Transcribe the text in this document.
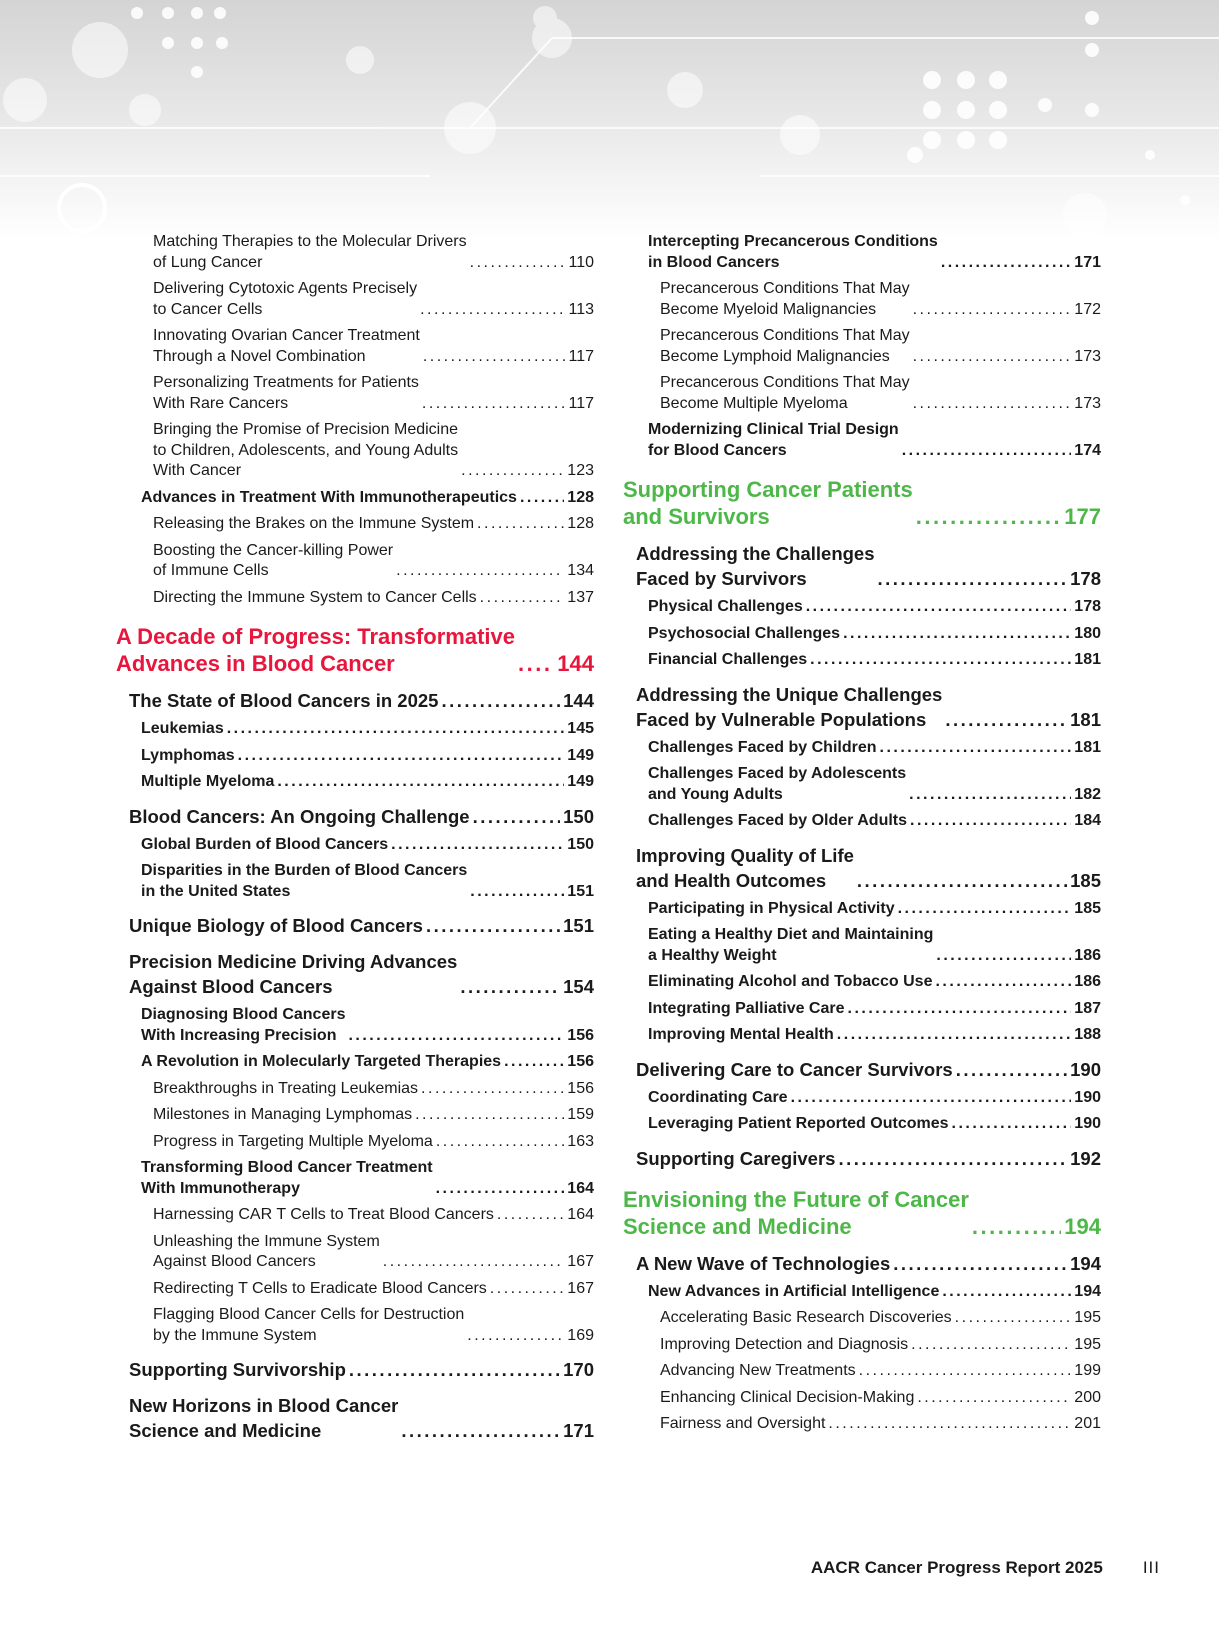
Matching Therapies to the Molecular Drivers
of Lung Cancer .....	110
Delivering Cytotoxic Agents Precisely
to Cancer Cells .....	113
Innovating Ovarian Cancer Treatment
Through a Novel Combination .....	117
Personalizing Treatments for Patients
With Rare Cancers .....	117
Bringing the Promise of Precision Medicine
to Children, Adolescents, and Young Adults
With Cancer .....	123
Advances in Treatment With Immunotherapeutics .....	128
Releasing the Brakes on the Immune System .....	128
Boosting the Cancer-killing Power
of Immune Cells .....	134
Directing the Immune System to Cancer Cells .....	137
A Decade of Progress: Transformative
Advances in Blood Cancer .....	144
The State of Blood Cancers in 2025 .....	144
Leukemias .....	145
Lymphomas .....	149
Multiple Myeloma .....	149
Blood Cancers: An Ongoing Challenge .....	150
Global Burden of Blood Cancers .....	150
Disparities in the Burden of Blood Cancers
in the United States .....	151
Unique Biology of Blood Cancers .....	151
Precision Medicine Driving Advances
Against Blood Cancers .....	154
Diagnosing Blood Cancers
With Increasing Precision .....	156
A Revolution in Molecularly Targeted Therapies .....	156
Breakthroughs in Treating Leukemias .....	156
Milestones in Managing Lymphomas .....	159
Progress in Targeting Multiple Myeloma .....	163
Transforming Blood Cancer Treatment
With Immunotherapy .....	164
Harnessing CAR T Cells to Treat Blood Cancers .....	164
Unleashing the Immune System
Against Blood Cancers .....	167
Redirecting T Cells to Eradicate Blood Cancers .....	167
Flagging Blood Cancer Cells for Destruction
by the Immune System .....	169
Supporting Survivorship .....	170
New Horizons in Blood Cancer
Science and Medicine .....	171
Intercepting Precancerous Conditions
in Blood Cancers .....	171
Precancerous Conditions That May
Become Myeloid Malignancies .....	172
Precancerous Conditions That May
Become Lymphoid Malignancies .....	173
Precancerous Conditions That May
Become Multiple Myeloma .....	173
Modernizing Clinical Trial Design
for Blood Cancers .....	174
Supporting Cancer Patients
and Survivors .....	177
Addressing the Challenges
Faced by Survivors .....	178
Physical Challenges .....	178
Psychosocial Challenges .....	180
Financial Challenges .....	181
Addressing the Unique Challenges
Faced by Vulnerable Populations .....	181
Challenges Faced by Children .....	181
Challenges Faced by Adolescents
and Young Adults .....	182
Challenges Faced by Older Adults .....	184
Improving Quality of Life
and Health Outcomes .....	185
Participating in Physical Activity .....	185
Eating a Healthy Diet and Maintaining
a Healthy Weight .....	186
Eliminating Alcohol and Tobacco Use .....	186
Integrating Palliative Care .....	187
Improving Mental Health .....	188
Delivering Care to Cancer Survivors .....	190
Coordinating Care .....	190
Leveraging Patient Reported Outcomes .....	190
Supporting Caregivers .....	192
Envisioning the Future of Cancer
Science and Medicine .....	194
A New Wave of Technologies .....	194
New Advances in Artificial Intelligence .....	194
Accelerating Basic Research Discoveries .....	195
Improving Detection and Diagnosis .....	195
Advancing New Treatments .....	199
Enhancing Clinical Decision-Making .....	200
Fairness and Oversight .....	201
AACR Cancer Progress Report 2025 III
